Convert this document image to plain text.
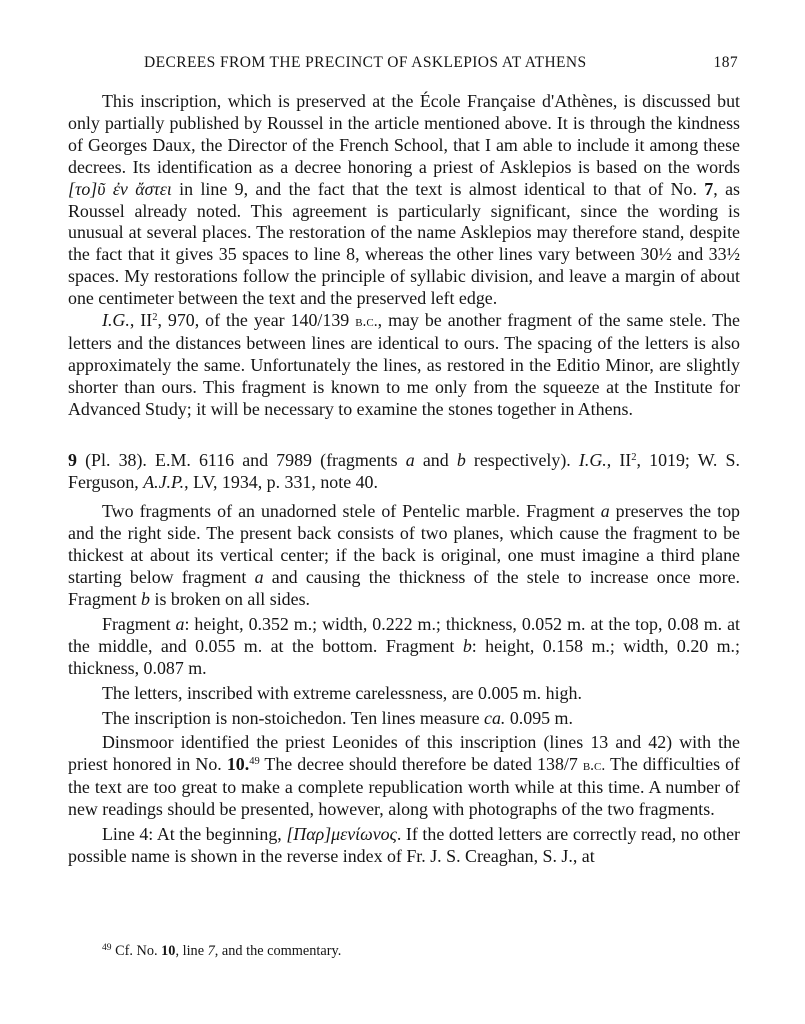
DECREES FROM THE PRECINCT OF ASKLEPIOS AT ATHENS	187

This inscription, which is preserved at the École Française d'Athènes, is discussed but only partially published by Roussel in the article mentioned above. It is through the kindness of Georges Daux, the Director of the French School, that I am able to include it among these decrees. Its identification as a decree honoring a priest of Asklepios is based on the words [το]ῦ ἐν ἄστει in line 9, and the fact that the text is almost identical to that of No. 7, as Roussel already noted. This agreement is particularly significant, since the wording is unusual at several places. The restoration of the name Asklepios may therefore stand, despite the fact that it gives 35 spaces to line 8, whereas the other lines vary between 30½ and 33½ spaces. My restorations follow the principle of syllabic division, and leave a margin of about one centimeter between the text and the preserved left edge.

I.G., $II^2$, 970, of the year 140/139 b.c., may be another fragment of the same stele. The letters and the distances between lines are identical to ours. The spacing of the letters is also approximately the same. Unfortunately the lines, as restored in the Editio Minor, are slightly shorter than ours. This fragment is known to me only from the squeeze at the Institute for Advanced Study; it will be necessary to examine the stones together in Athens.

9 (Pl. 38). E.M. 6116 and 7989 (fragments a and b respectively). I.G., $II^2$, 1019; W. S. Ferguson, A.J.P., LV, 1934, p. 331, note 40.

Two fragments of an unadorned stele of Pentelic marble. Fragment a preserves the top and the right side. The present back consists of two planes, which cause the fragment to be thickest at about its vertical center; if the back is original, one must imagine a third plane starting below fragment a and causing the thickness of the stele to increase once more. Fragment b is broken on all sides.

Fragment a: height, 0.352 m.; width, 0.222 m.; thickness, 0.052 m. at the top, 0.08 m. at the middle, and 0.055 m. at the bottom. Fragment b: height, 0.158 m.; width, 0.20 m.; thickness, 0.087 m.

The letters, inscribed with extreme carelessness, are 0.005 m. high.

The inscription is non-stoichedon. Ten lines measure ca. 0.095 m.

Dinsmoor identified the priest Leonides of this inscription (lines 13 and 42) with the priest honored in No. 10.49 The decree should therefore be dated 138/7 b.c. The difficulties of the text are too great to make a complete republication worth while at this time. A number of new readings should be presented, however, along with photographs of the two fragments.

Line 4: At the beginning, [Παρ]μενίωνος. If the dotted letters are correctly read, no other possible name is shown in the reverse index of Fr. J. S. Creaghan, S. J., at

$^{49}$ Cf. No. 10, line 7, and the commentary.
